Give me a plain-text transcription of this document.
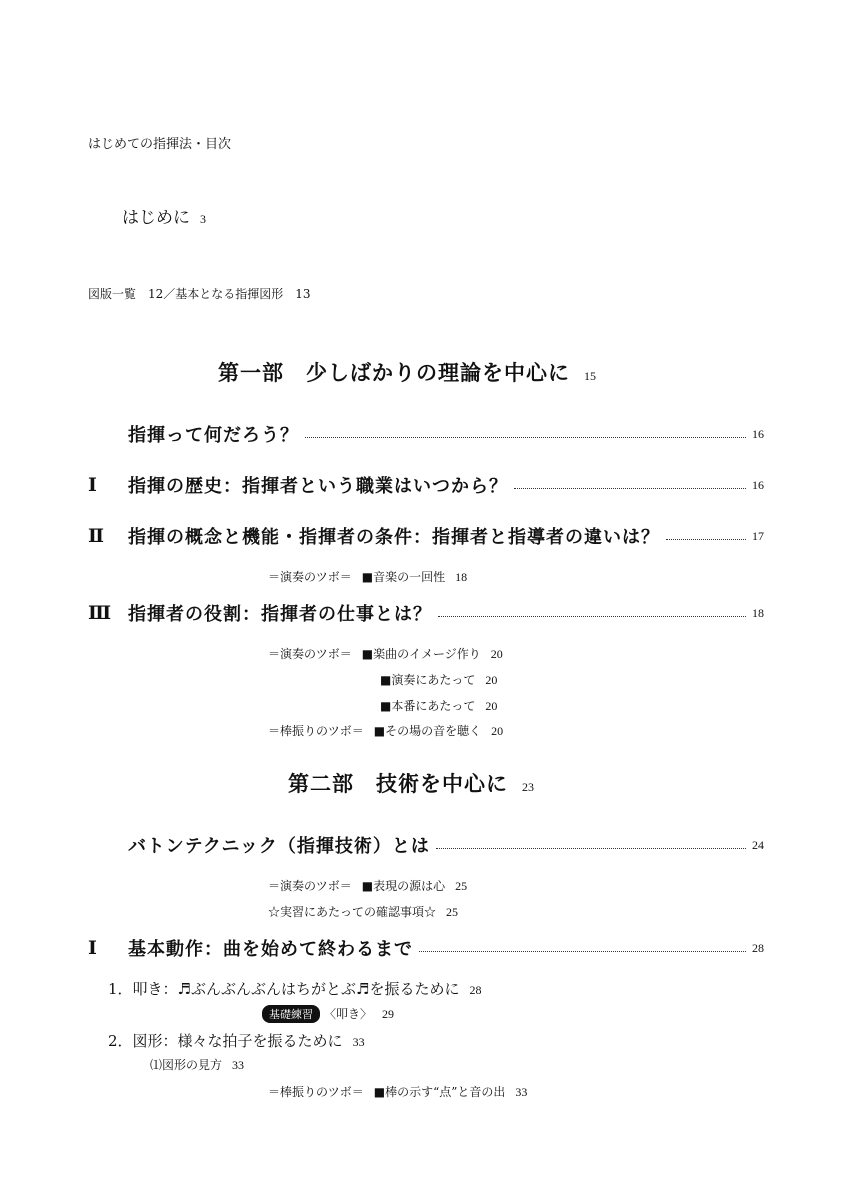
はじめての指揮法・目次
はじめに 3
図版一覧　12／基本となる指揮図形　13
第一部　少しばかりの理論を中心に 15
指揮って何だろう？	16
Ⅰ	指揮の歴史：指揮者という職業はいつから？	16
Ⅱ	指揮の概念と機能・指揮者の条件：指揮者と指導者の違いは？	17
＝演奏のツボ＝ ■音楽の一回性 18
Ⅲ 指揮者の役割：指揮者の仕事とは？	18
＝演奏のツボ＝ ■楽曲のイメージ作り 20
■演奏にあたって 20
■本番にあたって 20
＝棒振りのツボ＝ ■その場の音を聴く 20
第二部　技術を中心に 23
バトンテクニック（指揮技術）とは	24
＝演奏のツボ＝ ■表現の源は心 25
☆実習にあたっての確認事項☆ 25
Ⅰ	基本動作：曲を始めて終わるまで	28
1．叩き：♬ぶんぶんぶんはちがとぶ♬を振るために 28
基礎練習 〈叩き〉 29
2．図形：様々な拍子を振るために 33
⑴図形の見方 33
＝棒振りのツボ＝ ■棒の示す“点”と音の出 33
